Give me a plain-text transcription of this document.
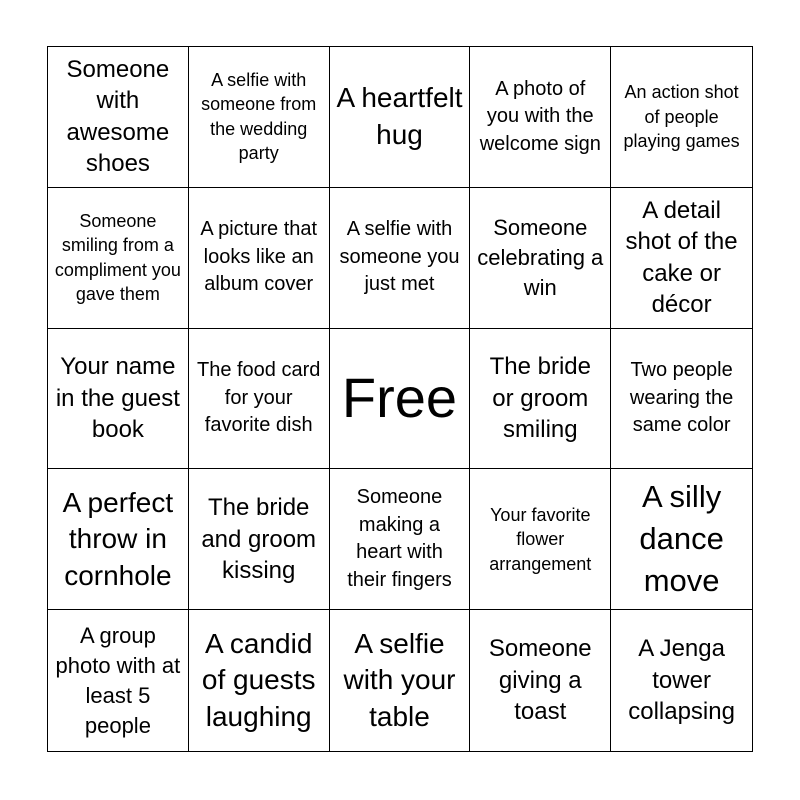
Someone with awesome shoes
A selfie with someone from the wedding party
A heartfelt hug
A photo of you with the welcome sign
An action shot of people playing games
Someone smiling from a compliment you gave them
A picture that looks like an album cover
A selfie with someone you just met
Someone celebrating a win
A detail shot of the cake or décor
Your name in the guest book
The food card for your favorite dish Free	The bride or groom smiling
Two people wearing the same color
A perfect throw in cornhole
The bride and groom kissing
Someone making a heart with their fingers
Your favorite flower arrangement
A silly dance move
A group photo with at least 5 people
A candid of guests laughing
A selfie with your table
Someone giving a toast
A Jenga tower collapsing
